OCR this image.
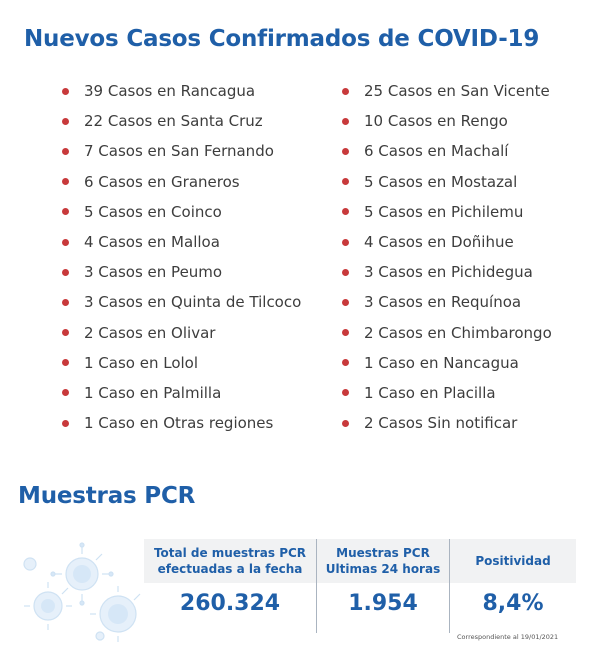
Nuevos Casos Confirmados de COVID-19
39 Casos en Rancagua
22 Casos en Santa Cruz
7 Casos en San Fernando
6 Casos en Graneros
5 Casos en Coinco
4 Casos en Malloa
3 Casos en Peumo
3 Casos en Quinta de Tilcoco
2 Casos en Olivar
1 Caso en Lolol
1 Caso en Palmilla
1 Caso en Otras regiones
25 Casos en San Vicente
10 Casos en Rengo
6 Casos en Machalí
5 Casos en Mostazal
5 Casos en Pichilemu
4 Casos en Doñihue
3 Casos en Pichidegua
3 Casos en Requínoa
2 Casos en Chimbarongo
1 Caso en Nancagua
1 Caso en Placilla
2 Casos Sin notificar
Muestras PCR
Total de muestras PCR efectuadas a la fecha
260.324
Muestras PCR Ultimas 24 horas
1.954
Positividad
8,4%
Correspondiente al 19/01/2021
